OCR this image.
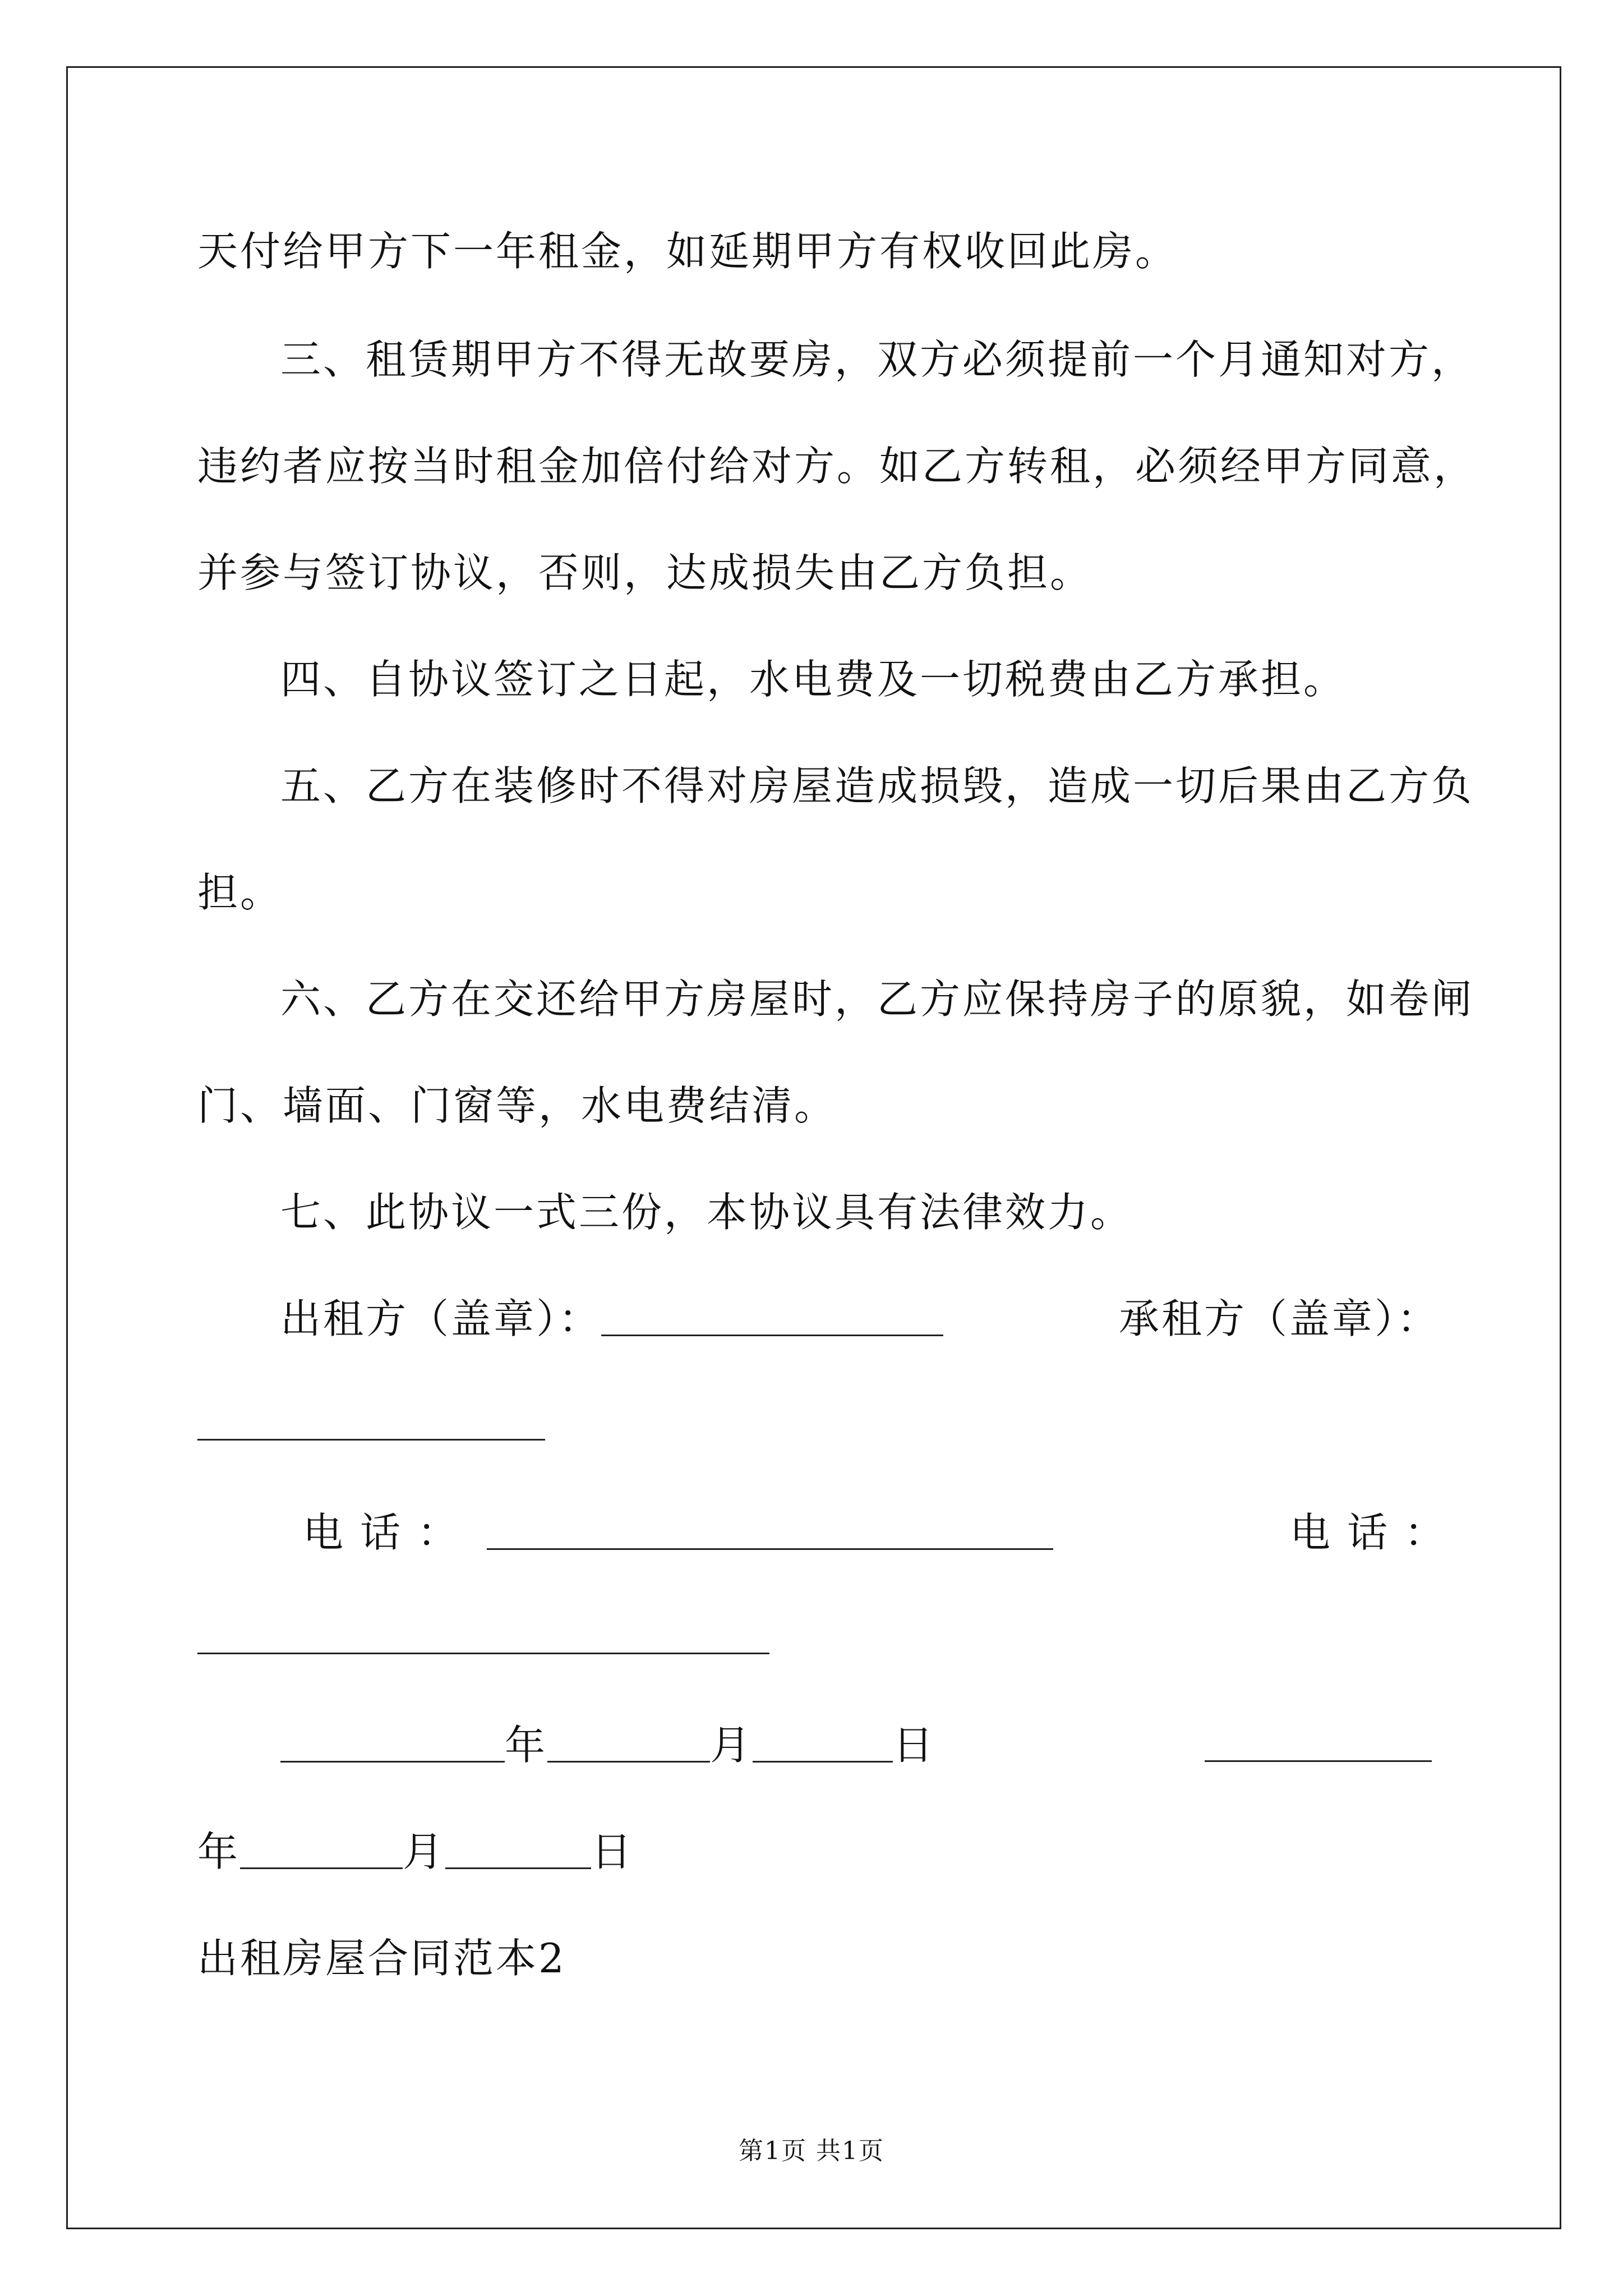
天付给甲方下一年租金，如延期甲方有权收回此房。
三、租赁期甲方不得无故要房，双方必须提前一个月通知对方，
违约者应按当时租金加倍付给对方。如乙方转租，必须经甲方同意，
并参与签订协议，否则，达成损失由乙方负担。
四、自协议签订之日起，水电费及一切税费由乙方承担。
五、乙方在装修时不得对房屋造成损毁，造成一切后果由乙方负
担。
六、乙方在交还给甲方房屋时，乙方应保持房子的原貌，如卷闸
门、墙面、门窗等，水电费结清。
七、此协议一式三份，本协议具有法律效力。
出租方（盖章）：	承租方（盖章）：
电话：	电话：
年	月	日
年	月	日
出租房屋合同范本2
第1页 共1页
